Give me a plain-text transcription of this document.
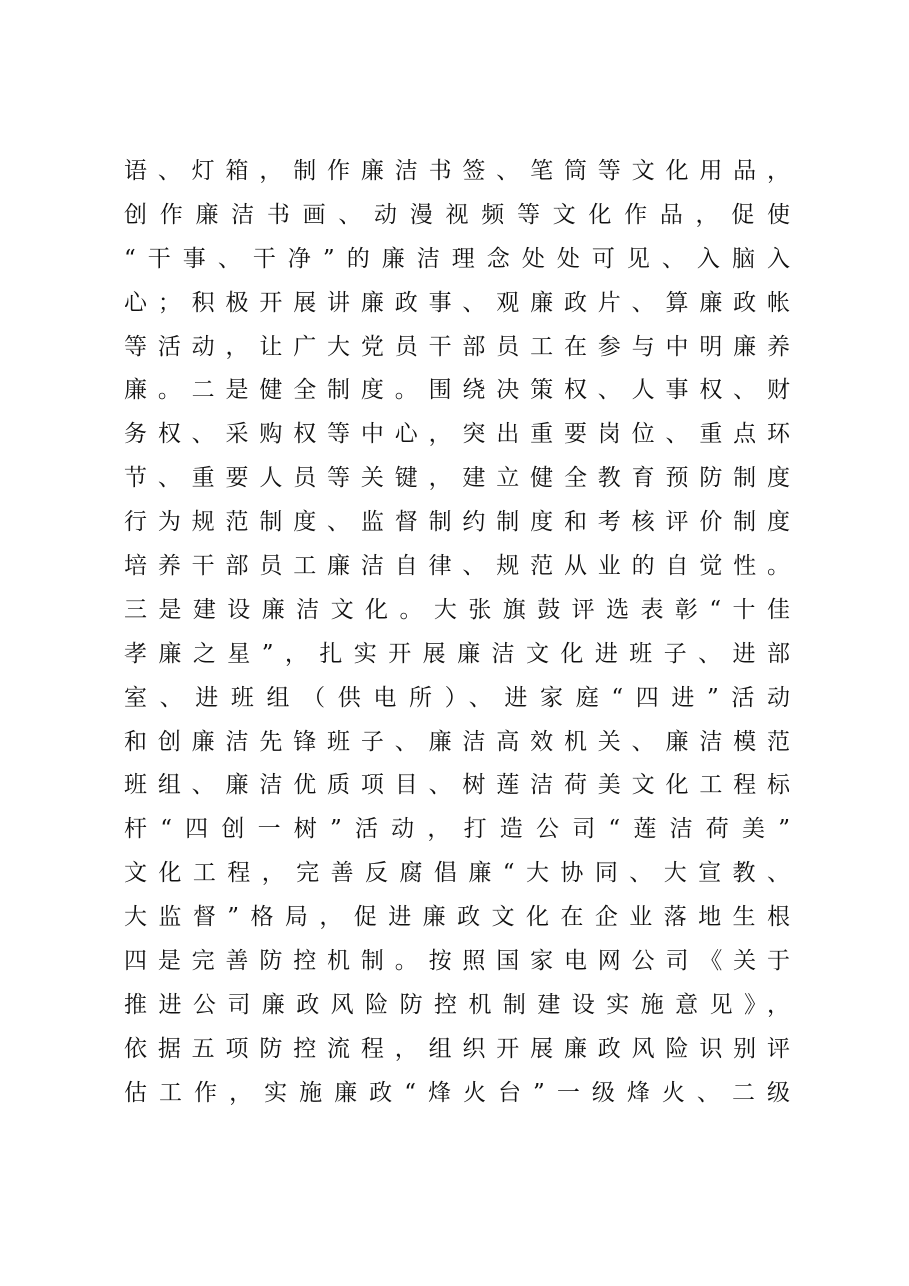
语、灯箱，制作廉洁书签、笔筒等文化用品，
创作廉洁书画、动漫视频等文化作品，促使
“干事、干净”的廉洁理念处处可见、入脑入
心；积极开展讲廉政事、观廉政片、算廉政帐
等活动，让广大党员干部员工在参与中明廉养
廉。二是健全制度。围绕决策权、人事权、财
务权、采购权等中心，突出重要岗位、重点环
节、重要人员等关键，建立健全教育预防制度
行为规范制度、监督制约制度和考核评价制度
培养干部员工廉洁自律、规范从业的自觉性。
三是建设廉洁文化。大张旗鼓评选表彰“十佳
孝廉之星”，扎实开展廉洁文化进班子、进部
室、进班组（供电所）、进家庭“四进”活动
和创廉洁先锋班子、廉洁高效机关、廉洁模范
班组、廉洁优质项目、树莲洁荷美文化工程标
杆“四创一树”活动，打造公司“莲洁荷美”
文化工程，完善反腐倡廉“大协同、大宣教、
大监督”格局，促进廉政文化在企业落地生根
四是完善防控机制。按照国家电网公司《关于
推进公司廉政风险防控机制建设实施意见》，
依据五项防控流程，组织开展廉政风险识别评
估工作，实施廉政“烽火台”一级烽火、二级
